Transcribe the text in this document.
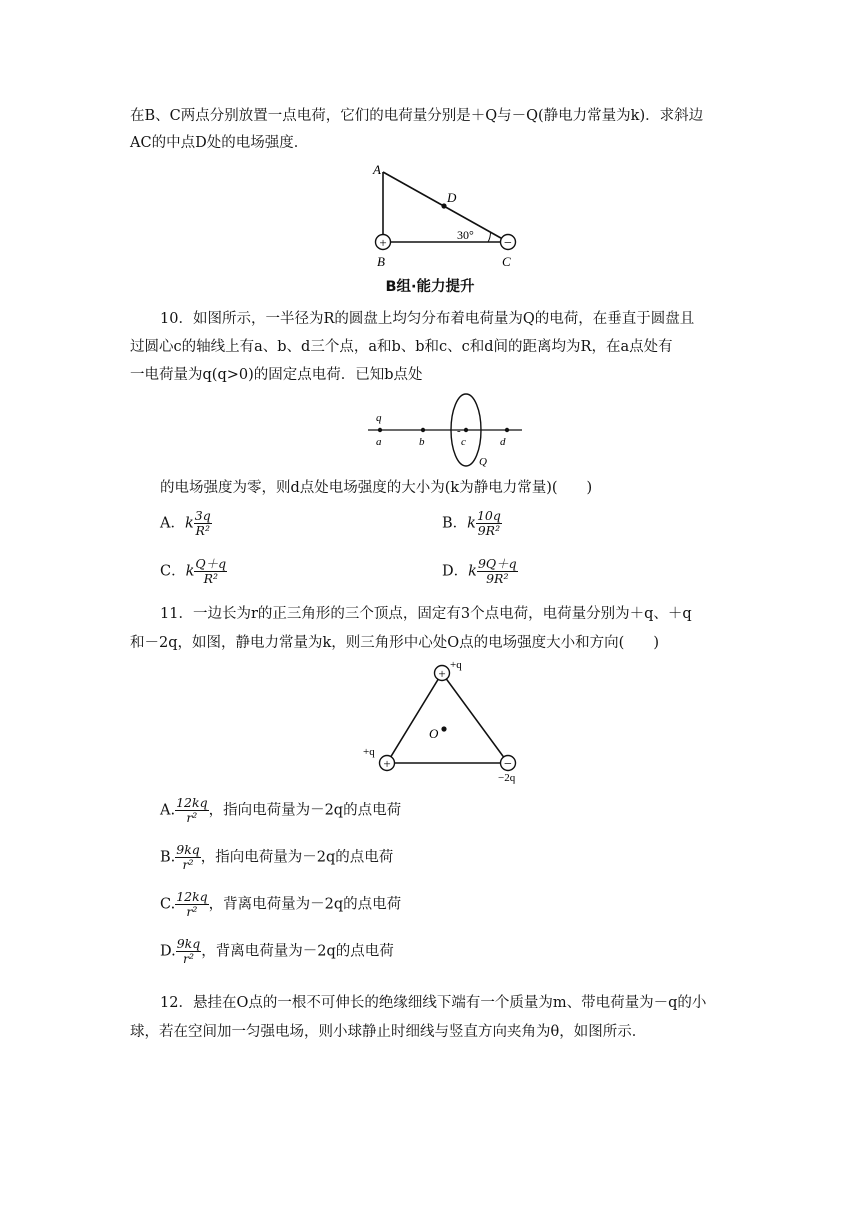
在B、C两点分别放置一点电荷，它们的电荷量分别是＋Q与－Q(静电力常量为k)．求斜边
AC的中点D处的电场强度．
+	−
A
D
30°
B	C
B组·能力提升
10．如图所示，一半径为R的圆盘上均匀分布着电荷量为Q的电荷，在垂直于圆盘且
过圆心c的轴线上有a、b、d三个点，a和b、b和c、c和d间的距离均为R，在a点处有
一电荷量为q(q>0)的固定点电荷．已知b点处
q
a	b	c	d
-
Q
的电场强度为零，则d点处电场强度的大小为(k为静电力常量)(　　)
A．k $\frac{3q}{\text{R²}}$	B．k $\frac{10q}{\text{9R²}}$
C．k $\frac{Q+q}{\text{R²}}$	D．k $\frac{9Q+q}{\text{9R²}}$
11．一边长为r的正三角形的三个顶点，固定有3个点电荷，电荷量分别为＋q、＋q
和－2q，如图，静电力常量为k，则三角形中心处O点的电场强度大小和方向(　　)
+
+	−
+q
+q
−2q
O
A. $\frac{12kq}{\text{r²}}$ ，指向电荷量为－2q的点电荷
B. $\frac{9kq}{\text{r²}}$ ，指向电荷量为－2q的点电荷
C. $\frac{12kq}{\text{r²}}$ ，背离电荷量为－2q的点电荷
D. $\frac{9kq}{\text{r²}}$ ，背离电荷量为－2q的点电荷
12．悬挂在O点的一根不可伸长的绝缘细线下端有一个质量为m、带电荷量为－q的小
球，若在空间加一匀强电场，则小球静止时细线与竖直方向夹角为θ，如图所示．
